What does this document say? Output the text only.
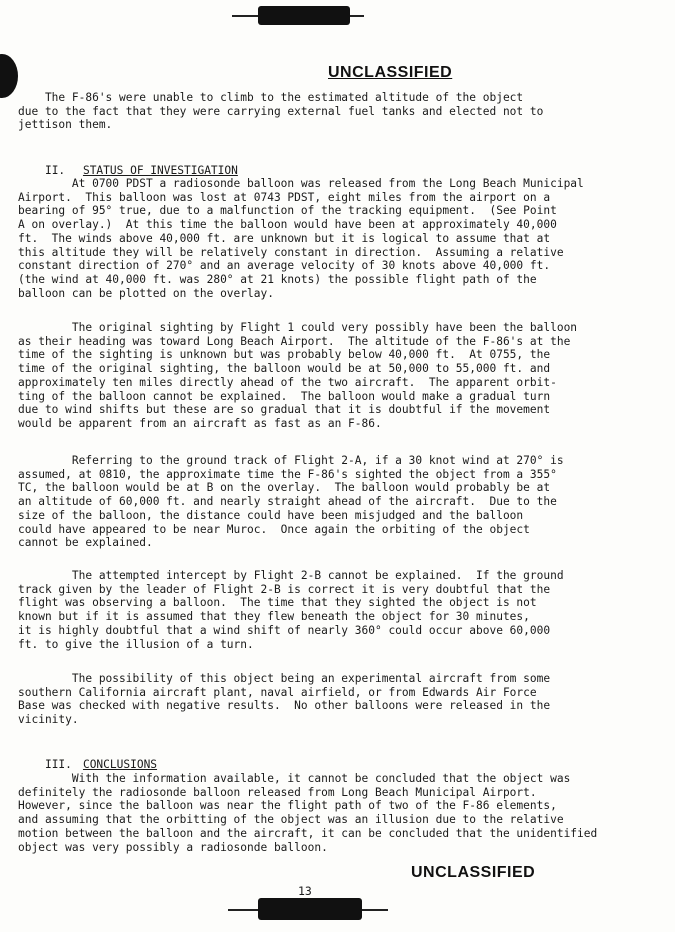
UNCLASSIFIED
The F-86's were unable to climb to the estimated altitude of the object
due to the fact that they were carrying external fuel tanks and elected not to
jettison them.

II. STATUS OF INVESTIGATION

At 0700 PDST a radiosonde balloon was released from the Long Beach Municipal
Airport.  This balloon was lost at 0743 PDST, eight miles from the airport on a
bearing of 95° true, due to a malfunction of the tracking equipment.  (See Point
A on overlay.)  At this time the balloon would have been at approximately 40,000
ft.  The winds above 40,000 ft. are unknown but it is logical to assume that at
this altitude they will be relatively constant in direction.  Assuming a relative
constant direction of 270° and an average velocity of 30 knots above 40,000 ft.
(the wind at 40,000 ft. was 280° at 21 knots) the possible flight path of the
balloon can be plotted on the overlay.
The original sighting by Flight 1 could very possibly have been the balloon
as their heading was toward Long Beach Airport.  The altitude of the F-86's at the
time of the sighting is unknown but was probably below 40,000 ft.  At 0755, the
time of the original sighting, the balloon would be at 50,000 to 55,000 ft. and
approximately ten miles directly ahead of the two aircraft.  The apparent orbit-
ting of the balloon cannot be explained.  The balloon would make a gradual turn
due to wind shifts but these are so gradual that it is doubtful if the movement
would be apparent from an aircraft as fast as an F-86.
Referring to the ground track of Flight 2-A, if a 30 knot wind at 270° is
assumed, at 0810, the approximate time the F-86's sighted the object from a 355°
TC, the balloon would be at B on the overlay.  The balloon would probably be at
an altitude of 60,000 ft. and nearly straight ahead of the aircraft.  Due to the
size of the balloon, the distance could have been misjudged and the balloon
could have appeared to be near Muroc.  Once again the orbiting of the object
cannot be explained.
The attempted intercept by Flight 2-B cannot be explained.  If the ground
track given by the leader of Flight 2-B is correct it is very doubtful that the
flight was observing a balloon.  The time that they sighted the object is not
known but if it is assumed that they flew beneath the object for 30 minutes,
it is highly doubtful that a wind shift of nearly 360° could occur above 60,000
ft. to give the illusion of a turn.
The possibility of this object being an experimental aircraft from some
southern California aircraft plant, naval airfield, or from Edwards Air Force
Base was checked with negative results.  No other balloons were released in the
vicinity.

III. CONCLUSIONS

With the information available, it cannot be concluded that the object was
definitely the radiosonde balloon released from Long Beach Municipal Airport.
However, since the balloon was near the flight path of two of the F-86 elements,
and assuming that the orbitting of the object was an illusion due to the relative
motion between the balloon and the aircraft, it can be concluded that the unidentified
object was very possibly a radiosonde balloon.
UNCLASSIFIED
13
